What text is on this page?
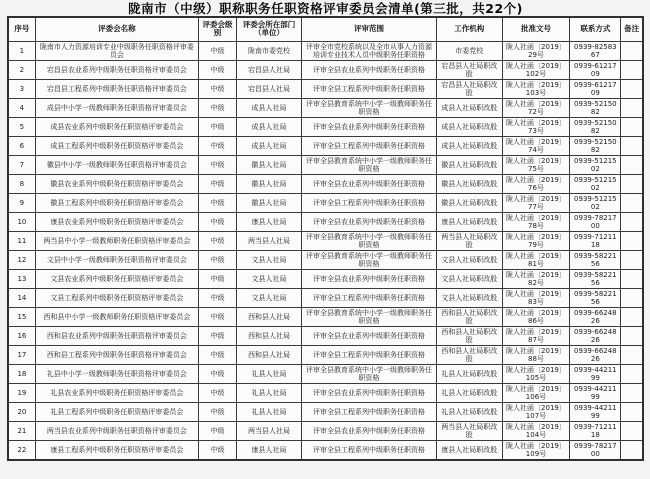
陇南市（中级）职称职务任职资格评审委员会清单(第三批，共22个)
序号	评委会名称	评委会级别	评委会所在部门（单位）	评审范围	工作机构	批准文号	联系方式	备注
1	陇南市人力资源培训专业中级职务任职资格评审委员会	中级	陇南市委党校	评审全市党校系统以及全市从事人力资源培训专业技术人员中级职务任职资格	市委党校	陇人社函〔2019〕29号	0939-8258367	
2	宕昌县农业系列中级职务任职资格评审委员会	中级	宕昌县人社局	评审全县农业系列中级职务任职资格	宕昌县人社局职改股	陇人社函〔2019〕102号	0939-6121709	
3	宕昌县工程系列中级职务任职资格评审委员会	中级	宕昌县人社局	评审全县工程系列中级职务任职资格	宕昌县人社局职改股	陇人社函〔2019〕103号	0939-6121709	
4	成县中小学一级教师职务任职资格评审委员会	中级	成县人社局	评审全县教育系统中小学一级教师职务任职资格	成县人社局职改股	陇人社函〔2019〕72号	0939-5215082	
5	成县农业系列中级职务任职资格评审委员会	中级	成县人社局	评审全县农业系列中级职务任职资格	成县人社局职改股	陇人社函〔2019〕73号	0939-5215082	
6	成县工程系列中级职务任职资格评审委员会	中级	成县人社局	评审全县工程系列中级职务任职资格	成县人社局职改股	陇人社函〔2019〕74号	0939-5215082	
7	徽县中小学一级教师职务任职资格评审委员会	中级	徽县人社局	评审全县教育系统中小学一级教师职务任职资格	徽县人社局职改股	陇人社函〔2019〕75号	0939-5121502	
8	徽县农业系列中级职务任职资格评审委员会	中级	徽县人社局	评审全县农业系列中级职务任职资格	徽县人社局职改股	陇人社函〔2019〕76号	0939-5121502	
9	徽县工程系列中级职务任职资格评审委员会	中级	徽县人社局	评审全县工程系列中级职务任职资格	徽县人社局职改股	陇人社函〔2019〕77号	0939-5121502	
10	康县农业系列中级职务任职资格评审委员会	中级	康县人社局	评审全县农业系列中级职务任职资格	康县人社局职改股	陇人社函〔2019〕78号	0939-7821700	
11	两当县中小学一级教师职务任职资格评审委员会	中级	两当县人社局	评审全县教育系统中小学一级教师职务任职资格	两当县人社局职改股	陇人社函〔2019〕79号	0939-7121118	
12	文县中小学一级教师职务任职资格评审委员会	中级	文县人社局	评审全县教育系统中小学一级教师职务任职资格	文县人社局职改股	陇人社函〔2019〕81号	0939-5822156	
13	文县农业系列中级职务任职资格评审委员会	中级	文县人社局	评审全县农业系列中级职务任职资格	文县人社局职改股	陇人社函〔2019〕82号	0939-5822156	
14	文县工程系列中级职务任职资格评审委员会	中级	文县人社局	评审全县工程系列中级职务任职资格	文县人社局职改股	陇人社函〔2019〕83号	0939-5822156	
15	西和县中小学一级教师职务任职资格评审委员会	中级	西和县人社局	评审全县教育系统中小学一级教师职务任职资格	西和县人社局职改股	陇人社函〔2019〕86号	0939-6624826	
16	西和县农业系列中级职务任职资格评审委员会	中级	西和县人社局	评审全县农业系列中级职务任职资格	西和县人社局职改股	陇人社函〔2019〕87号	0939-6624826	
17	西和县工程系列中级职务任职资格评审委员会	中级	西和县人社局	评审全县工程系列中级职务任职资格	西和县人社局职改股	陇人社函〔2019〕88号	0939-6624826	
18	礼县中小学一级教师职务任职资格评审委员会	中级	礼县人社局	评审全县教育系统中小学一级教师职务任职资格	礼县人社局职改股	陇人社函〔2019〕105号	0939-4421199	
19	礼县农业系列中级职务任职资格评审委员会	中级	礼县人社局	评审全县农业系列中级职务任职资格	礼县人社局职改股	陇人社函〔2019〕106号	0939-4421199	
20	礼县工程系列中级职务任职资格评审委员会	中级	礼县人社局	评审全县工程系列中级职务任职资格	礼县人社局职改股	陇人社函〔2019〕107号	0939-4421199	
21	两当县农业系列中级职务任职资格评审委员会	中级	两当县人社局	评审全县农业系列中级职务任职资格	两当县人社局职改股	陇人社函〔2019〕104号	0939-7121118	
22	康县工程系列中级职务任职资格评审委员会	中级	康县人社局	评审全县工程系列中级职务任职资格	康县人社局职改股	陇人社函〔2019〕109号	0939-7821700	
